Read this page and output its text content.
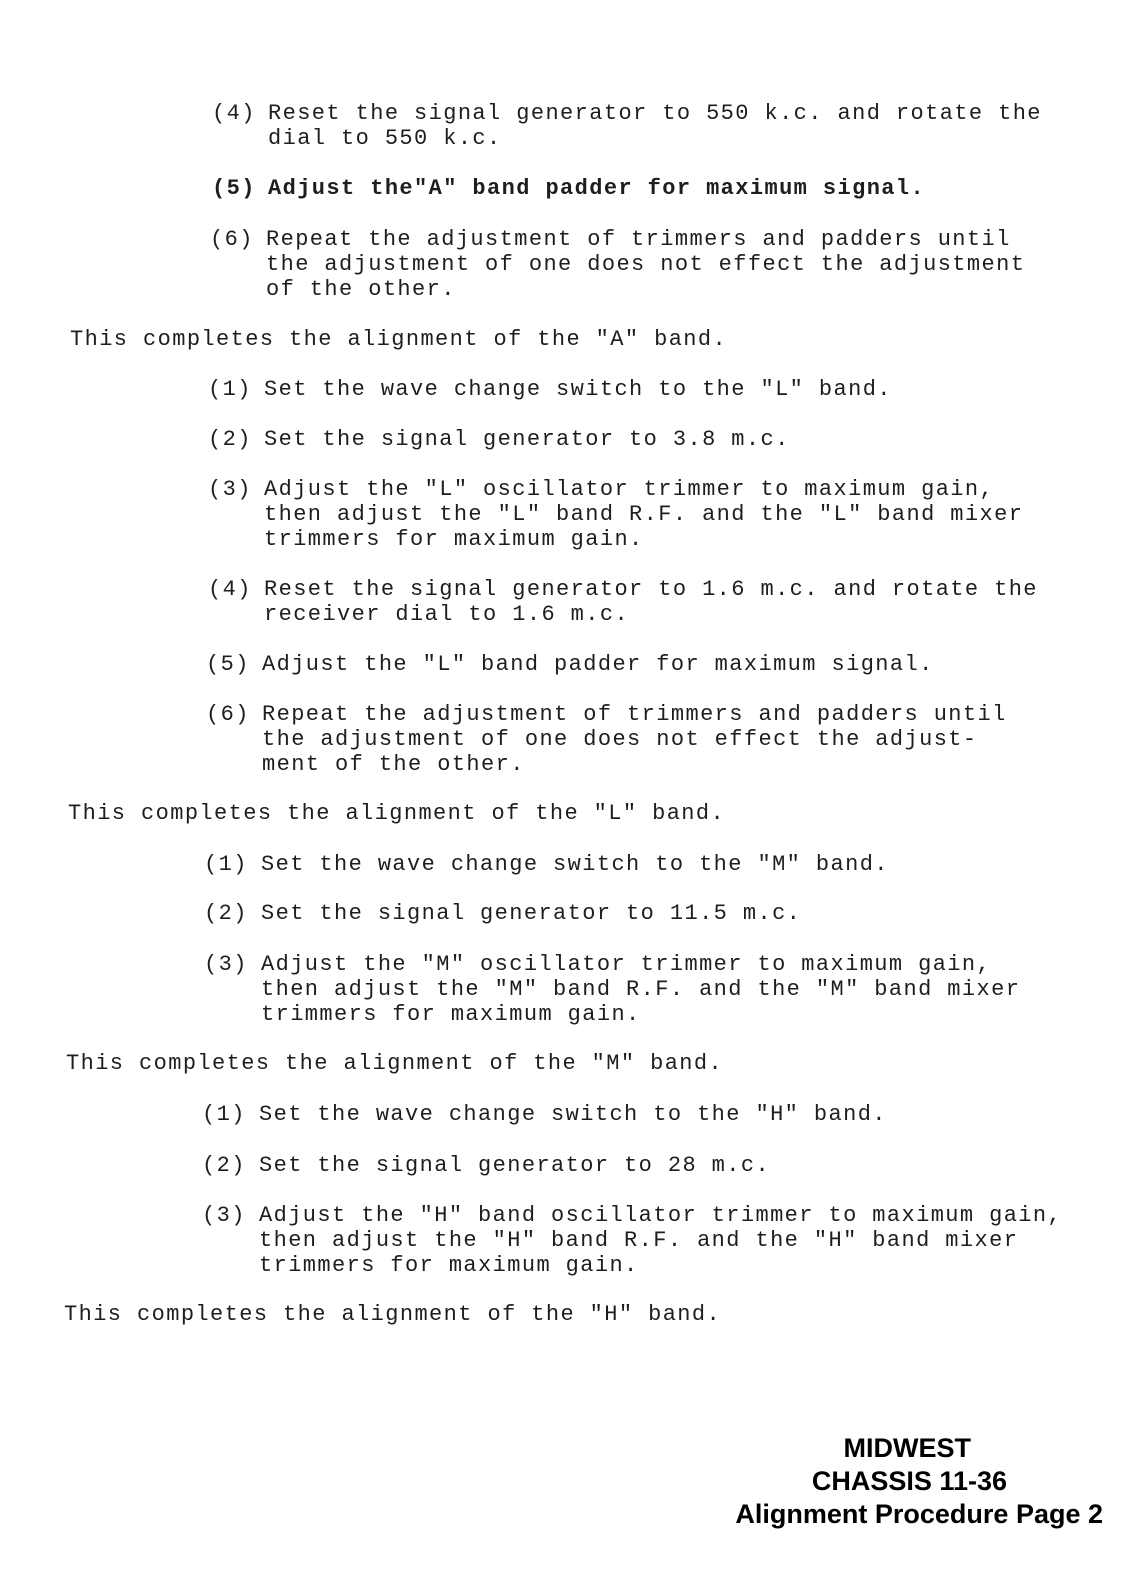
(4) Reset the signal generator to 550 k.c. and rotate the
dial to 550 k.c.
(5) Adjust the"A" band padder for maximum signal.
(6) Repeat the adjustment of trimmers and padders until
the adjustment of one does not effect the adjustment
of the other.
This completes the alignment of the "A" band.
(1) Set the wave change switch to the "L" band.
(2) Set the signal generator to 3.8 m.c.
(3) Adjust the "L" oscillator trimmer to maximum gain,
then adjust the "L" band R.F. and the "L" band mixer
trimmers for maximum gain.
(4) Reset the signal generator to 1.6 m.c. and rotate the
receiver dial to 1.6 m.c.
(5) Adjust the "L" band padder for maximum signal.
(6) Repeat the adjustment of trimmers and padders until
the adjustment of one does not effect the adjust-
ment of the other.
This completes the alignment of the "L" band.
(1) Set the wave change switch to the "M" band.
(2) Set the signal generator to 11.5 m.c.
(3) Adjust the "M" oscillator trimmer to maximum gain,
then adjust the "M" band R.F. and the "M" band mixer
trimmers for maximum gain.
This completes the alignment of the "M" band.
(1) Set the wave change switch to the "H" band.
(2) Set the signal generator to 28 m.c.
(3) Adjust the "H" band oscillator trimmer to maximum gain,
then adjust the "H" band R.F. and the "H" band mixer
trimmers for maximum gain.
This completes the alignment of the "H" band.
MIDWEST
CHASSIS 11-36
Alignment Procedure Page 2
